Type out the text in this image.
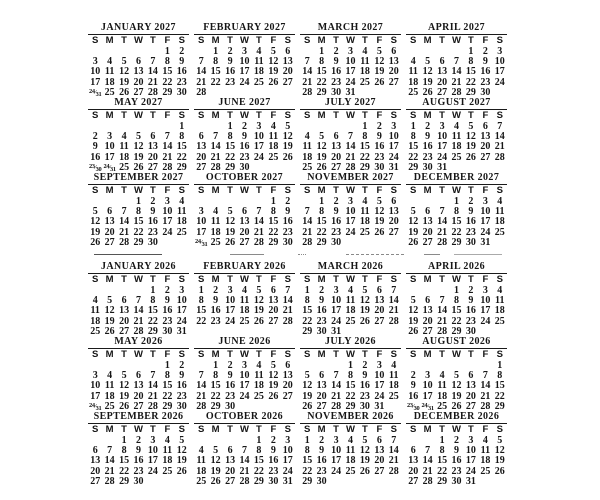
JANUARY 2027
S M T W T F S
1 2
3 4 5 6 7 8 9
10 11 12 13 14 15 16
17 18 19 20 21 22 23
24⁄31 25 26 27 28 29 30
FEBRUARY 2027
S M T W T F S
1 2 3 4 5 6
7 8 9 10 11 12 13
14 15 16 17 18 19 20
21 22 23 24 25 26 27
28
MARCH 2027
S M T W T F S
1 2 3 4 5 6
7 8 9 10 11 12 13
14 15 16 17 18 19 20
21 22 23 24 25 26 27
28 29 30 31
APRIL 2027
S M T W T F S
1 2 3
4 5 6 7 8 9 10
11 12 13 14 15 16 17
18 19 20 21 22 23 24
25 26 27 28 29 30
MAY 2027
S M T W T F S
1
2 3 4 5 6 7 8
9 10 11 12 13 14 15
16 17 18 19 20 21 22
23⁄30 24⁄31 25 26 27 28 29
JUNE 2027
S M T W T F S
1 2 3 4 5
6 7 8 9 10 11 12
13 14 15 16 17 18 19
20 21 22 23 24 25 26
27 28 29 30
JULY 2027
S M T W T F S
1 2 3
4 5 6 7 8 9 10
11 12 13 14 15 16 17
18 19 20 21 22 23 24
25 26 27 28 29 30 31
AUGUST 2027
S M T W T F S
1 2 3 4 5 6 7
8 9 10 11 12 13 14
15 16 17 18 19 20 21
22 23 24 25 26 27 28
29 30 31
SEPTEMBER 2027
S M T W T F S
1 2 3 4
5 6 7 8 9 10 11
12 13 14 15 16 17 18
19 20 21 22 23 24 25
26 27 28 29 30
OCTOBER 2027
S M T W T F S
1 2
3 4 5 6 7 8 9
10 11 12 13 14 15 16
17 18 19 20 21 22 23
24⁄31 25 26 27 28 29 30
NOVEMBER 2027
S M T W T F S
1 2 3 4 5 6
7 8 9 10 11 12 13
14 15 16 17 18 19 20
21 22 23 24 25 26 27
28 29 30
DECEMBER 2027
S M T W T F S
1 2 3 4
5 6 7 8 9 10 11
12 13 14 15 16 17 18
19 20 21 22 23 24 25
26 27 28 29 30 31
JANUARY 2026
S M T W T F S
1 2 3
4 5 6 7 8 9 10
11 12 13 14 15 16 17
18 19 20 21 22 23 24
25 26 27 28 29 30 31
FEBRUARY 2026
S M T W T F S
1 2 3 4 5 6 7
8 9 10 11 12 13 14
15 16 17 18 19 20 21
22 23 24 25 26 27 28
MARCH 2026
S M T W T F S
1 2 3 4 5 6 7
8 9 10 11 12 13 14
15 16 17 18 19 20 21
22 23 24 25 26 27 28
29 30 31
APRIL 2026
S M T W T F S
1 2 3 4
5 6 7 8 9 10 11
12 13 14 15 16 17 18
19 20 21 22 23 24 25
26 27 28 29 30
MAY 2026
S M T W T F S
1 2
3 4 5 6 7 8 9
10 11 12 13 14 15 16
17 18 19 20 21 22 23
24⁄31 25 26 27 28 29 30
JUNE 2026
S M T W T F S
1 2 3 4 5 6
7 8 9 10 11 12 13
14 15 16 17 18 19 20
21 22 23 24 25 26 27
28 29 30
JULY 2026
S M T W T F S
1 2 3 4
5 6 7 8 9 10 11
12 13 14 15 16 17 18
19 20 21 22 23 24 25
26 27 28 29 30 31
AUGUST 2026
S M T W T F S
1
2 3 4 5 6 7 8
9 10 11 12 13 14 15
16 17 18 19 20 21 22
23⁄30 24⁄31 25 26 27 28 29
SEPTEMBER 2026
S M T W T F S
1 2 3 4 5
6 7 8 9 10 11 12
13 14 15 16 17 18 19
20 21 22 23 24 25 26
27 28 29 30
OCTOBER 2026
S M T W T F S
1 2 3
4 5 6 7 8 9 10
11 12 13 14 15 16 17
18 19 20 21 22 23 24
25 26 27 28 29 30 31
NOVEMBER 2026
S M T W T F S
1 2 3 4 5 6 7
8 9 10 11 12 13 14
15 16 17 18 19 20 21
22 23 24 25 26 27 28
29 30
DECEMBER 2026
S M T W T F S
1 2 3 4 5
6 7 8 9 10 11 12
13 14 15 16 17 18 19
20 21 22 23 24 25 26
27 28 29 30 31
